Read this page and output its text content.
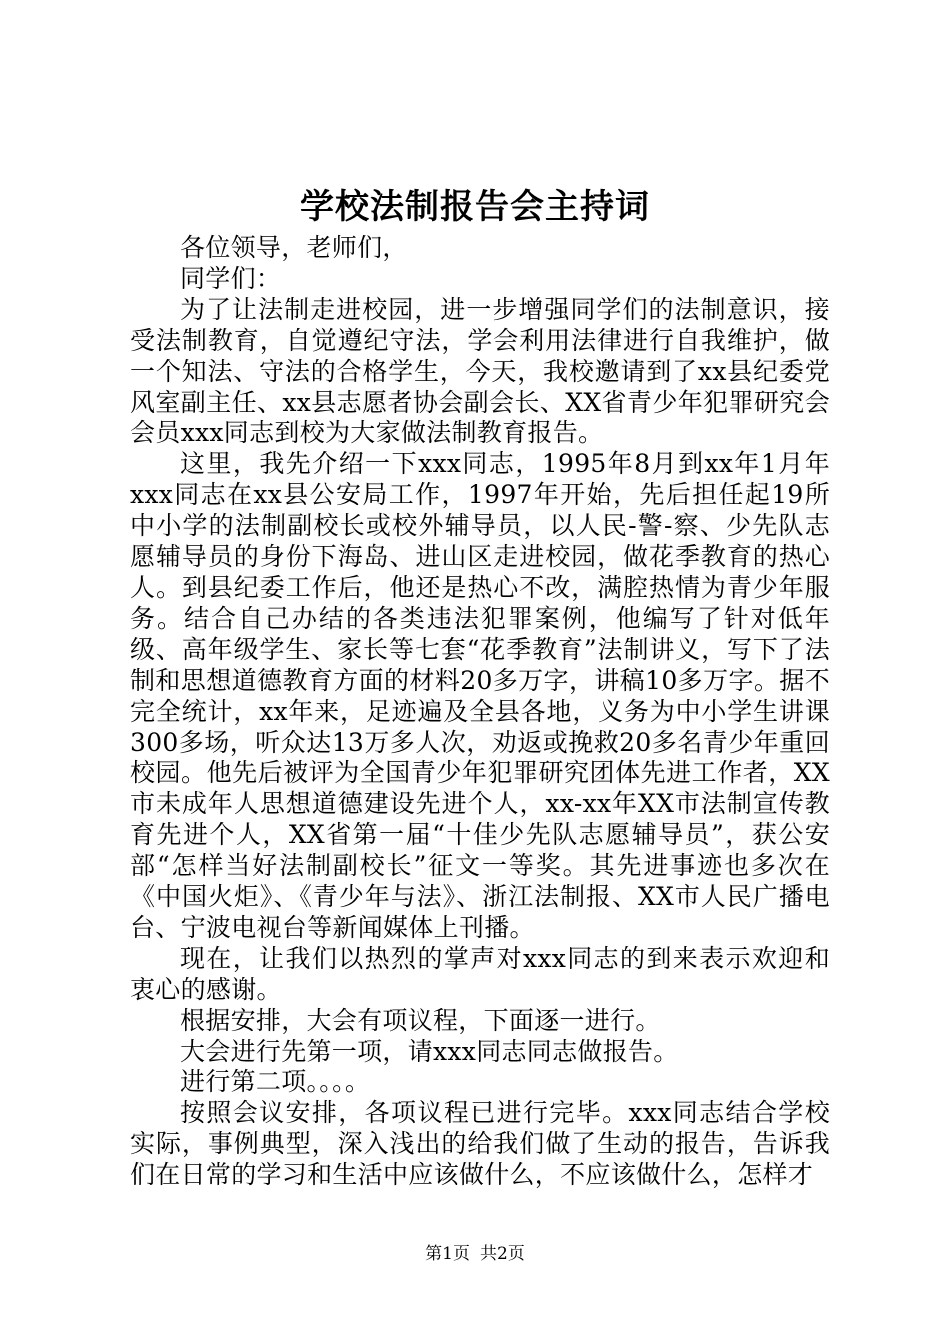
学校法制报告会主持词

各位领导，老师们，

同学们：

为了让法制走进校园，进一步增强同学们的法制意识，接受法制教育，自觉遵纪守法，学会利用法律进行自我维护，做一个知法、守法的合格学生，今天，我校邀请到了xx县纪委党风室副主任、xx县志愿者协会副会长、XX省青少年犯罪研究会会员xxx同志到校为大家做法制教育报告。

这里，我先介绍一下xxx同志，1995年8月到xx年1月年xxx同志在xx县公安局工作，1997年开始，先后担任起19所中小学的法制副校长或校外辅导员，以人民-警-察、少先队志愿辅导员的身份下海岛、进山区走进校园，做花季教育的热心人。到县纪委工作后，他还是热心不改，满腔热情为青少年服务。结合自己办结的各类违法犯罪案例，他编写了针对低年级、高年级学生、家长等七套“花季教育”法制讲义，写下了法制和思想道德教育方面的材料20多万字，讲稿10多万字。据不完全统计，xx年来，足迹遍及全县各地，义务为中小学生讲课300多场，听众达13万多人次，劝返或挽救20多名青少年重回校园。他先后被评为全国青少年犯罪研究团体先进工作者，XX市未成年人思想道德建设先进个人，xx-xx年XX市法制宣传教育先进个人，XX省第一届“十佳少先队志愿辅导员”，获公安部“怎样当好法制副校长”征文一等奖。其先进事迹也多次在《中国火炬》、《青少年与法》、浙江法制报、XX市人民广播电台、宁波电视台等新闻媒体上刊播。

现在，让我们以热烈的掌声对xxx同志的到来表示欢迎和衷心的感谢。

根据安排，大会有项议程，下面逐一进行。

大会进行先第一项，请xxx同志同志做报告。

进行第二项。。。。

按照会议安排，各项议程已进行完毕。xxx同志结合学校实际，事例典型，深入浅出的给我们做了生动的报告，告诉我们在日常的学习和生活中应该做什么，不应该做什么，怎样才

第1页 共2页
